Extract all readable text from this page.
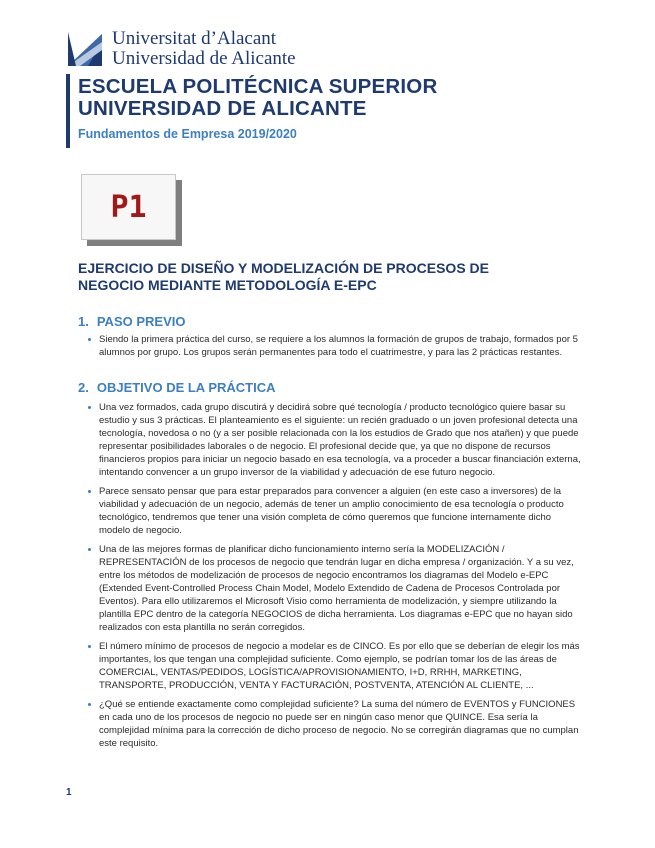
Universitat d’Alacant
Universidad de Alicante
ESCUELA POLITÉCNICA SUPERIOR
UNIVERSIDAD DE ALICANTE
Fundamentos de Empresa 2019/2020
P1
EJERCICIO DE DISEÑO Y MODELIZACIÓN DE PROCESOS DE NEGOCIO MEDIANTE METODOLOGÍA E-EPC
1. PASO PREVIO
Siendo la primera práctica del curso, se requiere a los alumnos la formación de grupos de trabajo, formados por 5 alumnos por grupo. Los grupos serán permanentes para todo el cuatrimestre, y para las 2 prácticas restantes.
2. OBJETIVO DE LA PRÁCTICA
Una vez formados, cada grupo discutirá y decidirá sobre qué tecnología / producto tecnológico quiere basar su estudio y sus 3 prácticas. El planteamiento es el siguiente: un recién graduado o un joven profesional detecta una tecnología, novedosa o no (y a ser posible relacionada con la los estudios de Grado que nos atañen) y que puede representar posibilidades laborales o de negocio. El profesional decide que, ya que no dispone de recursos financieros propios para iniciar un negocio basado en esa tecnología, va a proceder a buscar financiación externa, intentando convencer a un grupo inversor de la viabilidad y adecuación de ese futuro negocio.
Parece sensato pensar que para estar preparados para convencer a alguien (en este caso a inversores) de la viabilidad y adecuación de un negocio, además de tener un amplio conocimiento de esa tecnología o producto tecnológico, tendremos que tener una visión completa de cómo queremos que funcione internamente dicho modelo de negocio.
Una de las mejores formas de planificar dicho funcionamiento interno sería la MODELIZACIÓN / REPRESENTACIÓN de los procesos de negocio que tendrán lugar en dicha empresa / organización. Y a su vez, entre los métodos de modelización de procesos de negocio encontramos los diagramas del Modelo e-EPC (Extended Event-Controlled Process Chain Model, Modelo Extendido de Cadena de Procesos Controlada por Eventos). Para ello utilizaremos el Microsoft Visio como herramienta de modelización, y siempre utilizando la plantilla EPC dentro de la categoría NEGOCIOS de dicha herramienta. Los diagramas e-EPC que no hayan sido realizados con esta plantilla no serán corregidos.
El número mínimo de procesos de negocio a modelar es de CINCO. Es por ello que se deberían de elegir los más importantes, los que tengan una complejidad suficiente. Como ejemplo, se podrían tomar los de las áreas de COMERCIAL, VENTAS/PEDIDOS, LOGÍSTICA/APROVISIONAMIENTO, I+D, RRHH, MARKETING, TRANSPORTE, PRODUCCIÓN, VENTA Y FACTURACIÓN, POSTVENTA, ATENCIÓN AL CLIENTE, ...
¿Qué se entiende exactamente como complejidad suficiente? La suma del número de EVENTOS y FUNCIONES en cada uno de los procesos de negocio no puede ser en ningún caso menor que QUINCE. Esa sería la complejidad mínima para la corrección de dicho proceso de negocio. No se corregirán diagramas que no cumplan este requisito.
1
